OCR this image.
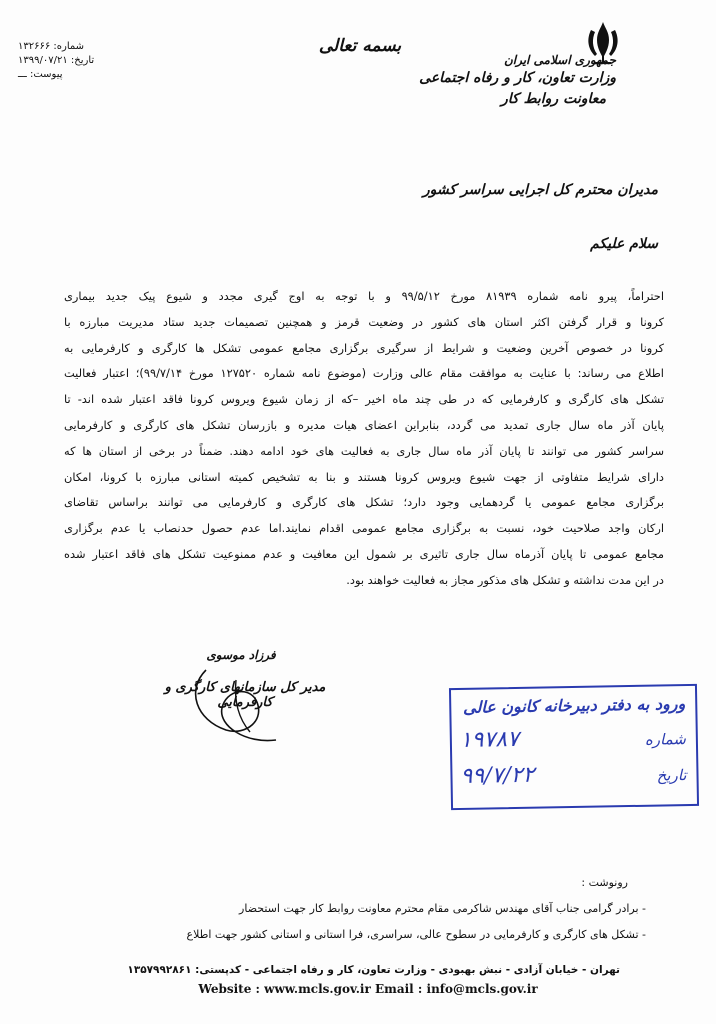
جمهوری اسلامی ایران
وزارت تعاون، کار و رفاه اجتماعی
معاونت روابط کار
بسمه تعالی
شماره: ۱۳۲۶۶۶
تاریخ: ۱۳۹۹/۰۷/۲۱
پیوست: ـــ
مدیران محترم کل اجرایی سراسر کشور
سلام علیکم
احتراماً، پیرو نامه شماره ۸۱۹۳۹ مورخ ۹۹/۵/۱۲ و با توجه به اوج گیری مجدد و شیوع پیک جدید بیماری
کرونا و قرار گرفتن اکثر استان های کشور در وضعیت قرمز و همچنین تصمیمات جدید ستاد مدیریت مبارزه با
کرونا در خصوص آخرین وضعیت و شرایط از سرگیری برگزاری مجامع عمومی تشکل ها کارگری و کارفرمایی به
اطلاع می رساند: با عنایت به موافقت مقام عالی وزارت (موضوع نامه شماره ۱۲۷۵۲۰ مورخ ۹۹/۷/۱۴)؛ اعتبار فعالیت
تشکل های کارگری و کارفرمایی که در طی چند ماه اخیر –که از زمان شیوع ویروس کرونا فاقد اعتبار شده اند- تا
پایان آذر ماه سال جاری تمدید می گردد، بنابراین اعضای هیات مدیره و بازرسان تشکل های کارگری و کارفرمایی
سراسر کشور می توانند تا پایان آذر ماه سال جاری به فعالیت های خود ادامه دهند. ضمناً در برخی از استان ها که
دارای شرایط متفاوتی از جهت شیوع ویروس کرونا هستند و بنا به تشخیص کمیته استانی مبارزه با کرونا، امکان
برگزاری مجامع عمومی یا گردهمایی وجود دارد؛ تشکل های کارگری و کارفرمایی می توانند براساس تقاضای
ارکان واجد صلاحیت خود، نسبت به برگزاری مجامع عمومی اقدام نمایند.اما عدم حصول حدنصاب یا عدم برگزاری
مجامع عمومی تا پایان آذرماه سال جاری تاثیری بر شمول این معافیت و عدم ممنوعیت تشکل های فاقد اعتبار شده
در این مدت نداشته و تشکل های مذکور مجاز به فعالیت خواهند بود.
فرزاد موسوی
مدیر کل سازمانهای کارگری و کارفرمایی	ورود به دفتر دبیرخانه کانون عالی
شماره
۱۹۷۸۷
تاریخ
۹۹/۷/۲۲
رونوشت :
- برادر گرامی جناب آقای مهندس شاکرمی مقام محترم معاونت روابط کار جهت استحضار
- تشکل های کارگری و کارفرمایی در سطوح عالی، سراسری، فرا استانی و استانی کشور جهت اطلاع
تهران - خیابان آزادی - نبش بهبودی - وزارت تعاون، کار و رفاه اجتماعی - کدپستی: ۱۳۵۷۹۹۲۸۶۱
Website : www.mcls.gov.ir Email : info@mcls.gov.ir
